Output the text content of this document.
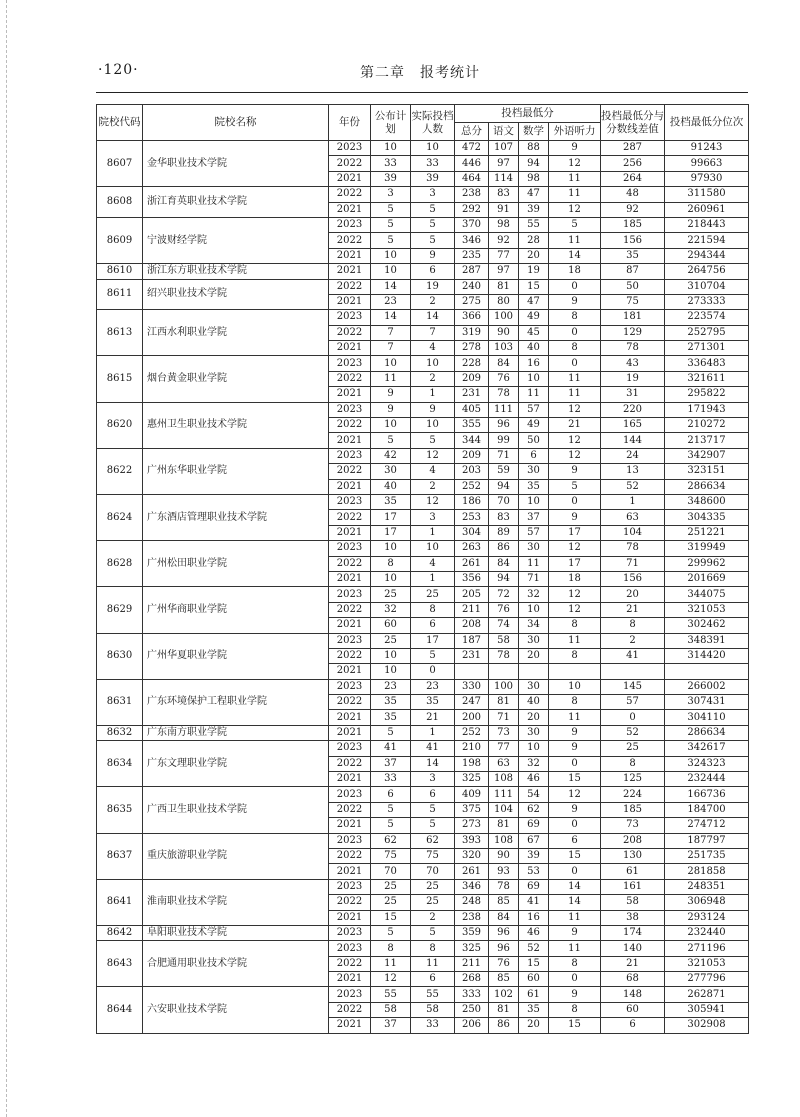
·120·	第二章　报考统计
院校代码	院校名称	年份	公布计划	实际投档人数	投档最低分				投档最低分与分数线差值	投档最低分位次
					总分	语文	数学	外语听力		
8607	金华职业技术学院	2023	10	10	472	107	88	9	287	91243
		2022	33	33	446	97	94	12	256	99663
		2021	39	39	464	114	98	11	264	97930
8608	浙江育英职业技术学院	2022	3	3	238	83	47	11	48	311580
		2021	5	5	292	91	39	12	92	260961
8609	宁波财经学院	2023	5	5	370	98	55	5	185	218443
		2022	5	5	346	92	28	11	156	221594
		2021	10	9	235	77	20	14	35	294344
8610	浙江东方职业技术学院	2021	10	6	287	97	19	18	87	264756
8611	绍兴职业技术学院	2022	14	19	240	81	15	0	50	310704
		2021	23	2	275	80	47	9	75	273333
8613	江西水利职业学院	2023	14	14	366	100	49	8	181	223574
		2022	7	7	319	90	45	0	129	252795
		2021	7	4	278	103	40	8	78	271301
8615	烟台黄金职业学院	2023	10	10	228	84	16	0	43	336483
		2022	11	2	209	76	10	11	19	321611
		2021	9	1	231	78	11	11	31	295822
8620	惠州卫生职业技术学院	2023	9	9	405	111	57	12	220	171943
		2022	10	10	355	96	49	21	165	210272
		2021	5	5	344	99	50	12	144	213717
8622	广州东华职业学院	2023	42	12	209	71	6	12	24	342907
		2022	30	4	203	59	30	9	13	323151
		2021	40	2	252	94	35	5	52	286634
8624	广东酒店管理职业技术学院	2023	35	12	186	70	10	0	1	348600
		2022	17	3	253	83	37	9	63	304335
		2021	17	1	304	89	57	17	104	251221
8628	广州松田职业学院	2023	10	10	263	86	30	12	78	319949
		2022	8	4	261	84	11	17	71	299962
		2021	10	1	356	94	71	18	156	201669
8629	广州华商职业学院	2023	25	25	205	72	32	12	20	344075
		2022	32	8	211	76	10	12	21	321053
		2021	60	6	208	74	34	8	8	302462
8630	广州华夏职业学院	2023	25	17	187	58	30	11	2	348391
		2022	10	5	231	78	20	8	41	314420
		2021	10	0						
8631	广东环境保护工程职业学院	2023	23	23	330	100	30	10	145	266002
		2022	35	35	247	81	40	8	57	307431
		2021	35	21	200	71	20	11	0	304110
8632	广东南方职业学院	2021	5	1	252	73	30	9	52	286634
8634	广东文理职业学院	2023	41	41	210	77	10	9	25	342617
		2022	37	14	198	63	32	0	8	324323
		2021	33	3	325	108	46	15	125	232444
8635	广西卫生职业技术学院	2023	6	6	409	111	54	12	224	166736
		2022	5	5	375	104	62	9	185	184700
		2021	5	5	273	81	69	0	73	274712
8637	重庆旅游职业学院	2023	62	62	393	108	67	6	208	187797
		2022	75	75	320	90	39	15	130	251735
		2021	70	70	261	93	53	0	61	281858
8641	淮南职业技术学院	2023	25	25	346	78	69	14	161	248351
		2022	25	25	248	85	41	14	58	306948
		2021	15	2	238	84	16	11	38	293124
8642	阜阳职业技术学院	2023	5	5	359	96	46	9	174	232440
8643	合肥通用职业技术学院	2023	8	8	325	96	52	11	140	271196
		2022	11	11	211	76	15	8	21	321053
		2021	12	6	268	85	60	0	68	277796
8644	六安职业技术学院	2023	55	55	333	102	61	9	148	262871
		2022	58	58	250	81	35	8	60	305941
		2021	37	33	206	86	20	15	6	302908
